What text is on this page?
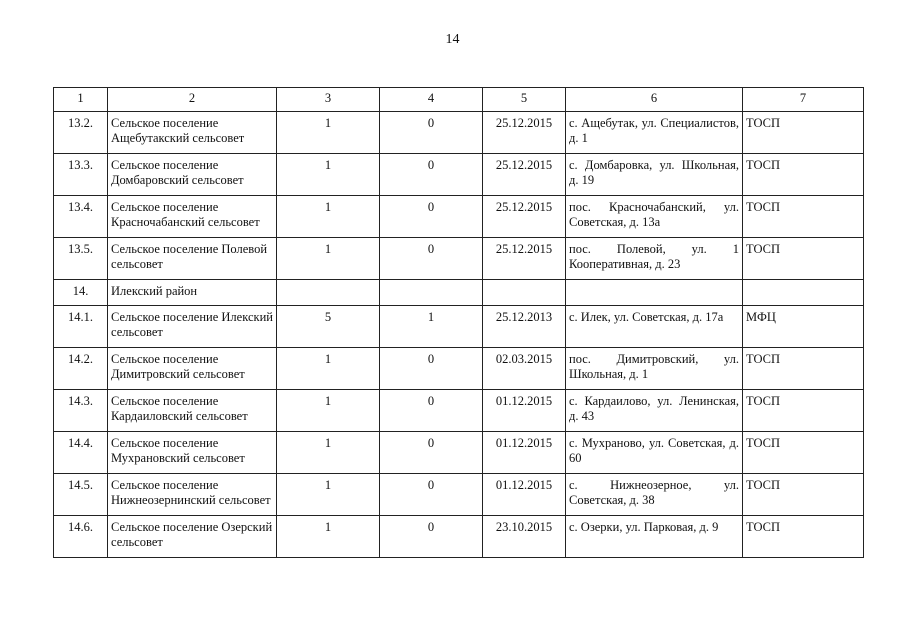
14
1	2	3	4	5	6	7
13.2.	Сельское поселение Ащебутакский сельсовет	1	0	25.12.2015	с. Ащебутак, ул. Специалистов, д. 1	ТОСП
13.3.	Сельское поселение Домбаровский сельсовет	1	0	25.12.2015	с. Домбаровка, ул. Школьная, д. 19	ТОСП
13.4.	Сельское поселение Красночабанский сельсовет	1	0	25.12.2015	пос. Красночабанский, ул. Советская, д. 13а	ТОСП
13.5.	Сельское поселение Полевой сельсовет	1	0	25.12.2015	пос. Полевой, ул. 1 Кооперативная, д. 23	ТОСП
14.	Илекский район					
14.1.	Сельское поселение Илекский сельсовет	5	1	25.12.2013	с. Илек, ул. Советская, д. 17а	МФЦ
14.2.	Сельское поселение Димитровский сельсовет	1	0	02.03.2015	пос. Димитровский, ул. Школьная, д. 1	ТОСП
14.3.	Сельское поселение Кардаиловский сельсовет	1	0	01.12.2015	с. Кардаилово, ул. Ленинская, д. 43	ТОСП
14.4.	Сельское поселение Мухрановский сельсовет	1	0	01.12.2015	с. Мухраново, ул. Советская, д. 60	ТОСП
14.5.	Сельское поселение Нижнеозернинский сельсовет	1	0	01.12.2015	с. Нижнеозерное, ул. Советская, д. 38	ТОСП
14.6.	Сельское поселение Озерский сельсовет	1	0	23.10.2015	с. Озерки, ул. Парковая, д. 9	ТОСП
